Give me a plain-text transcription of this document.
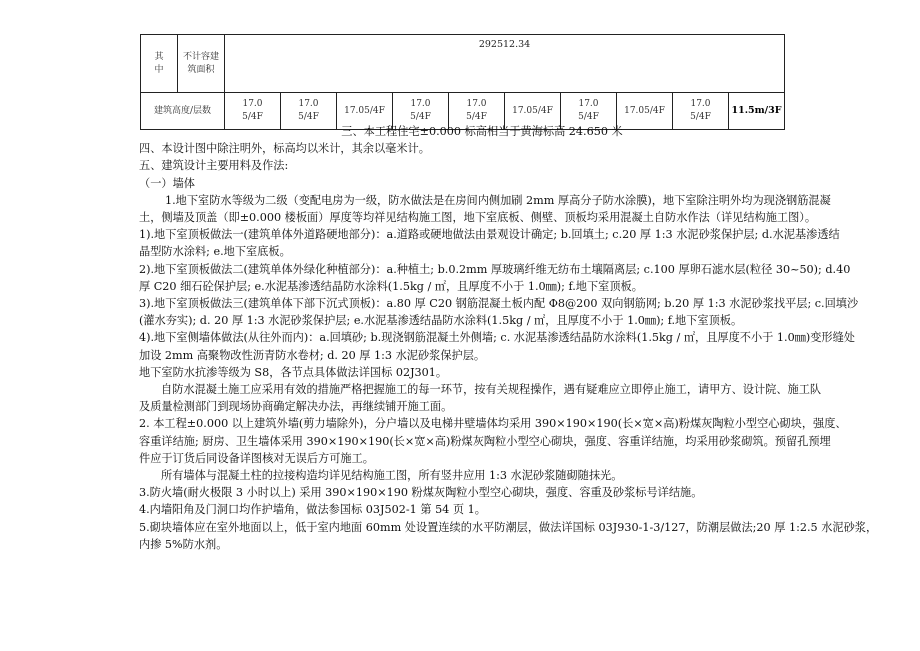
其中	不计容建筑面积	292512.34									
建筑高度/层数		17.05/4F	17.05/4F	17.05/4F	17.05/4F	17.05/4F	17.05/4F	17.05/4F	17.05/4F	17.05/4F	11.5m/3F

三、本工程住宅±0.000 标高相当于黄海标高 24.650 米

四、本设计图中除注明外，标高均以米计，其余以毫米计。

五、建筑设计主要用料及作法:

（一）墙体

1.地下室防水等级为二级（变配电房为一级，防水做法是在房间内侧加刷 2mm 厚高分子防水涂膜)，地下室除注明外均为现浇钢筋混凝

土，侧墙及顶盖（即±0.000 楼板面）厚度等均祥见结构施工图，地下室底板、侧壁、顶板均采用混凝土自防水作法（详见结构施工图）。

1).地下室顶板做法一(建筑单体外道路硬地部分)：a.道路或硬地做法由景观设计确定; b.回填土; c.20 厚 1:3 水泥砂浆保护层; d.水泥基渗透结

晶型防水涂料; e.地下室底板。

2).地下室顶板做法二(建筑单体外绿化种植部分)：a.种植土; b.0.2mm 厚玻璃纤维无纺布土壤隔离层; c.100 厚卵石滤水层(粒径 30~50); d.40

厚 C20 细石砼保护层; e.水泥基渗透结晶防水涂料(1.5kg / ㎡，且厚度不小于 1.0㎜); f.地下室顶板。

3).地下室顶板做法三(建筑单体下部下沉式顶板)：a.80 厚 C20 钢筋混凝土板内配 Φ8@200 双向钢筋网; b.20 厚 1:3 水泥砂浆找平层; c.回填沙

(灌水夯实); d. 20 厚 1:3 水泥砂浆保护层; e.水泥基渗透结晶防水涂料(1.5kg / ㎡，且厚度不小于 1.0㎜); f.地下室顶板。

4).地下室侧墙体做法(从往外而内)：a.回填砂; b.现浇钢筋混凝土外侧墙; c. 水泥基渗透结晶防水涂料(1.5kg / ㎡，且厚度不小于 1.0㎜)变形缝处

加设 2mm 高聚物改性沥青防水卷材; d. 20 厚 1:3 水泥砂浆保护层。

地下室防水抗渗等级为 S8，各节点具体做法详国标 02J301。

自防水混凝土施工应采用有效的措施严格把握施工的每一环节，按有关规程操作，遇有疑难应立即停止施工，请甲方、设计院、施工队

及质量检测部门到现场协商确定解决办法，再继续铺开施工面。

2. 本工程±0.000 以上建筑外墙(剪力墙除外)，分户墙以及电梯井壁墙体均采用 390×190×190(长×宽×高)粉煤灰陶粒小型空心砌块，强度、

容重详结施; 厨房、卫生墙体采用 390×190×190(长×宽×高)粉煤灰陶粒小型空心砌块，强度、容重详结施，均采用砂浆砌筑。预留孔预埋

件应于订货后同设备详图核对无误后方可施工。

所有墙体与混凝土柱的拉接构造均详见结构施工图，所有竖井应用 1:3 水泥砂浆随砌随抹光。

3.防火墙(耐火极限 3 小时以上) 采用 390×190×190 粉煤灰陶粒小型空心砌块，强度、容重及砂浆标号详结施。

4.内墙阳角及门洞口均作护墙角，做法参国标 03J502-1 第 54 页 1。

5.砌块墙体应在室外地面以上，低于室内地面 60mm 处设置连续的水平防潮层，做法详国标 03J930-1-3/127，防潮层做法;20 厚 1:2.5 水泥砂浆，

内掺 5%防水剂。
